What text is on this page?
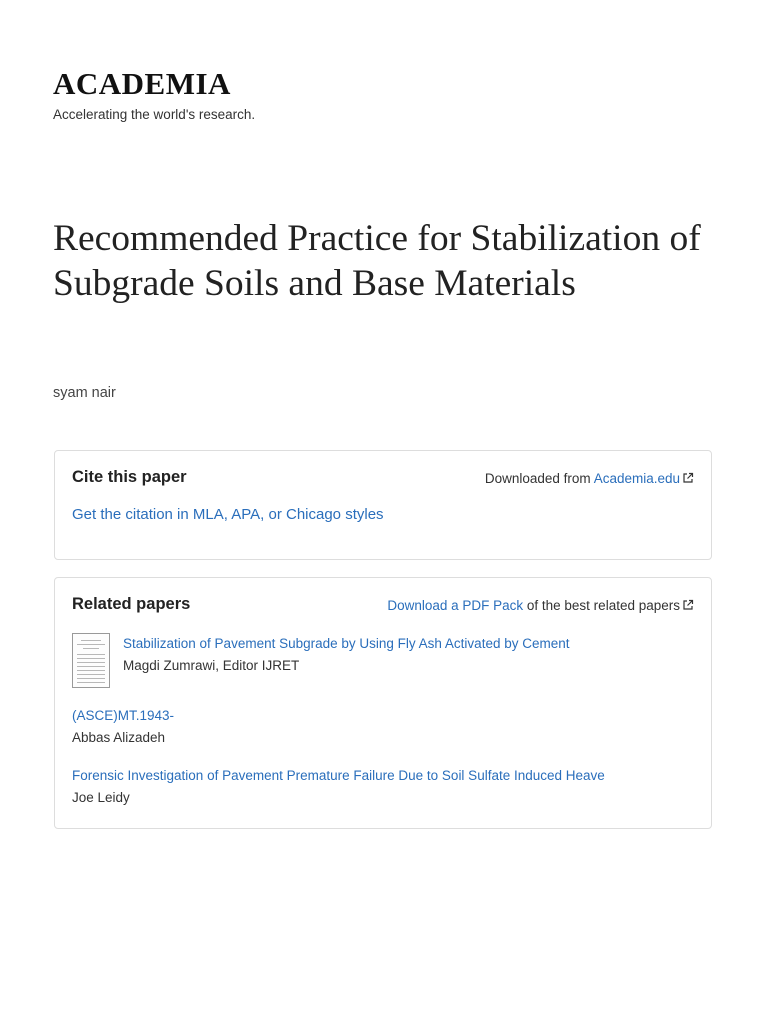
ACADEMIA
Accelerating the world's research.
Recommended Practice for Stabilization of Subgrade Soils and Base Materials
syam nair
Cite this paper	Downloaded from Academia.edu
Get the citation in MLA, APA, or Chicago styles
Related papers	Download a PDF Pack of the best related papers
Stabilization of Pavement Subgrade by Using Fly Ash Activated by Cement
Magdi Zumrawi, Editor IJRET
(ASCE)MT.1943-
Abbas Alizadeh
Forensic Investigation of Pavement Premature Failure Due to Soil Sulfate Induced Heave
Joe Leidy
